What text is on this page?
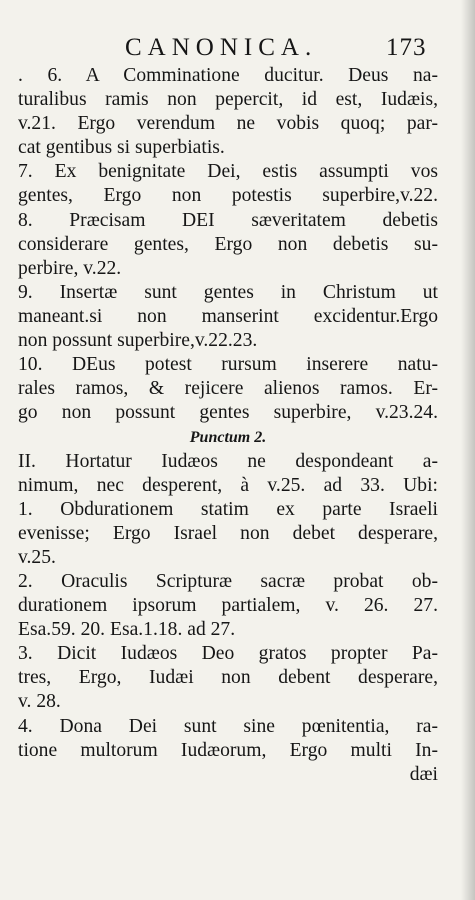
CANONICA.	173
. 6. A Comminatione ducitur. Deus na-
turalibus ramis non pepercit, id est, Iudæis,
v.21. Ergo verendum ne vobis quoq; par-
cat gentibus si superbiatis.
7. Ex benignitate Dei, estis assumpti vos
gentes, Ergo non potestis superbire,v.22.
8. Præcisam DEI sæveritatem debetis
considerare gentes, Ergo non debetis su-
perbire, v.22.
9. Insertæ sunt gentes in Christum ut
maneant.si non manserint excidentur.Ergo
non possunt superbire,v.22.23.
10. DEus potest rursum inserere natu-
rales ramos, & rejicere alienos ramos. Er-
go non possunt gentes superbire, v.23.24.
Punctum 2.
II. Hortatur Iudæos ne despondeant a-
nimum, nec desperent, à v.25. ad 33. Ubi:
1. Obdurationem statim ex parte Israeli
evenisse; Ergo Israel non debet desperare,
v.25.
2. Oraculis Scripturæ sacræ probat ob-
durationem ipsorum partialem, v. 26. 27.
Esa.59. 20. Esa.1.18. ad 27.
3. Dicit Iudæos Deo gratos propter Pa-
tres, Ergo, Iudæi non debent desperare,
v. 28.
4. Dona Dei sunt sine pœnitentia, ra-
tione multorum Iudæorum, Ergo multi In-
dæi
